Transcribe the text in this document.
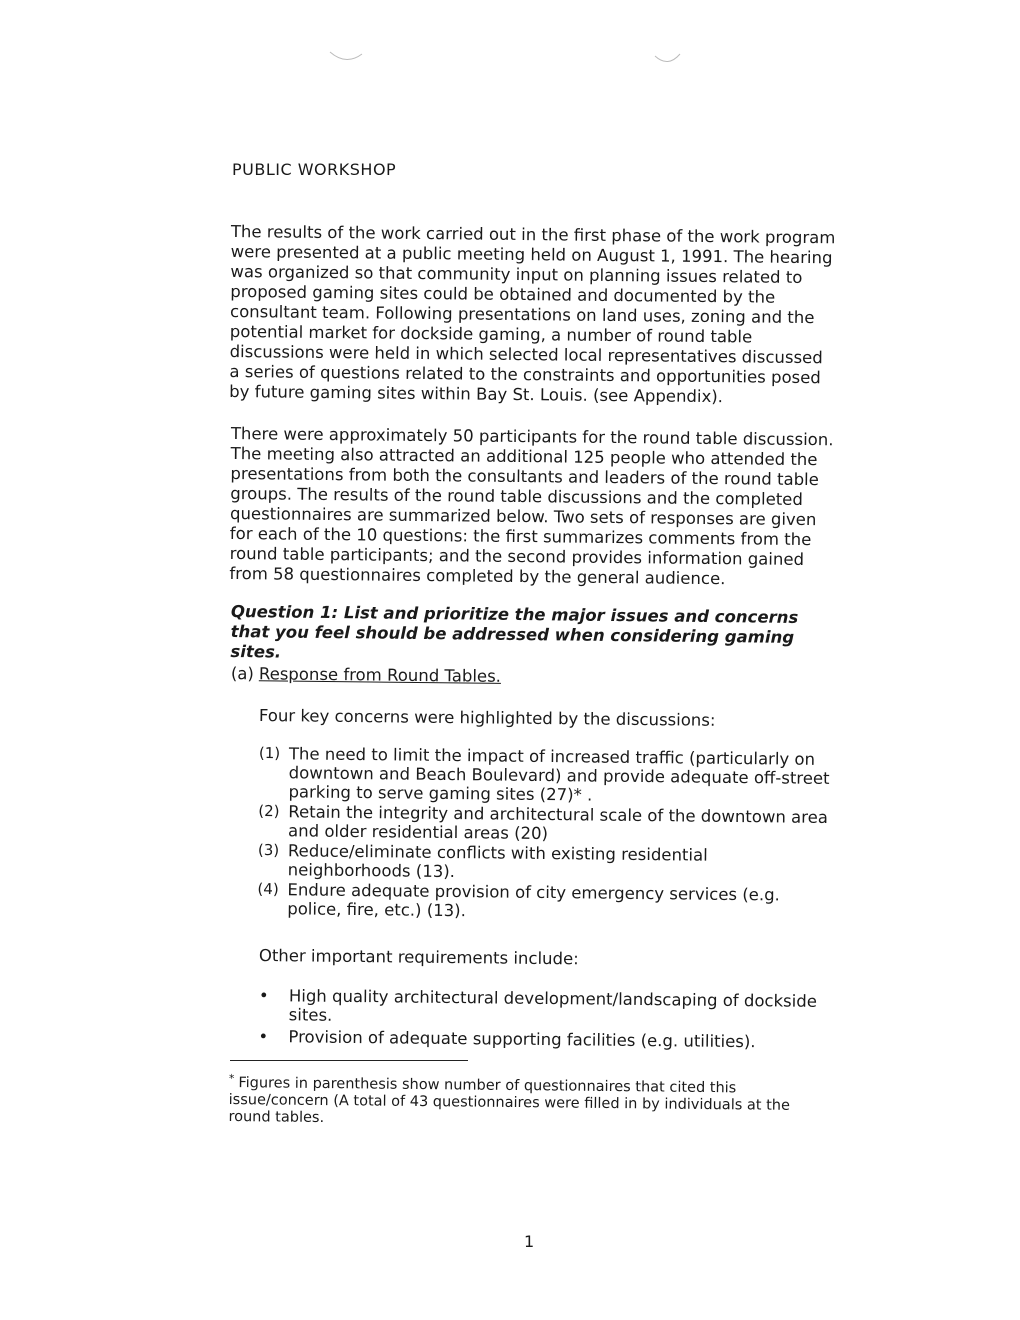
PUBLIC WORKSHOP
The results of the work carried out in the first phase of the work program were presented at a public meeting held on August 1, 1991. The hearing was organized so that community input on planning issues related to proposed gaming sites could be obtained and documented by the consultant team. Following presentations on land uses, zoning and the potential market for dockside gaming, a number of round table discussions were held in which selected local representatives discussed a series of questions related to the constraints and opportunities posed by future gaming sites within Bay St. Louis. (see Appendix).
There were approximately 50 participants for the round table discussion. The meeting also attracted an additional 125 people who attended the presentations from both the consultants and leaders of the round table groups. The results of the round table discussions and the completed questionnaires are summarized below. Two sets of responses are given for each of the 10 questions: the first summarizes comments from the round table participants; and the second provides information gained from 58 questionnaires completed by the general audience.
Question 1: List and prioritize the major issues and concerns that you feel should be addressed when considering gaming sites.
(a) Response from Round Tables.
Four key concerns were highlighted by the discussions:
(1) The need to limit the impact of increased traffic (particularly on downtown and Beach Boulevard) and provide adequate off-street parking to serve gaming sites (27)* .
(2) Retain the integrity and architectural scale of the downtown area and older residential areas (20)
(3) Reduce/eliminate conflicts with existing residential neighborhoods (13).
(4) Endure adequate provision of city emergency services (e.g. police, fire, etc.) (13).
Other important requirements include:
•	High quality architectural development/landscaping of dockside sites.
•	Provision of adequate supporting facilities (e.g. utilities).
* Figures in parenthesis show number of questionnaires that cited this issue/concern (A total of 43 questionnaires were filled in by individuals at the round tables.
1
